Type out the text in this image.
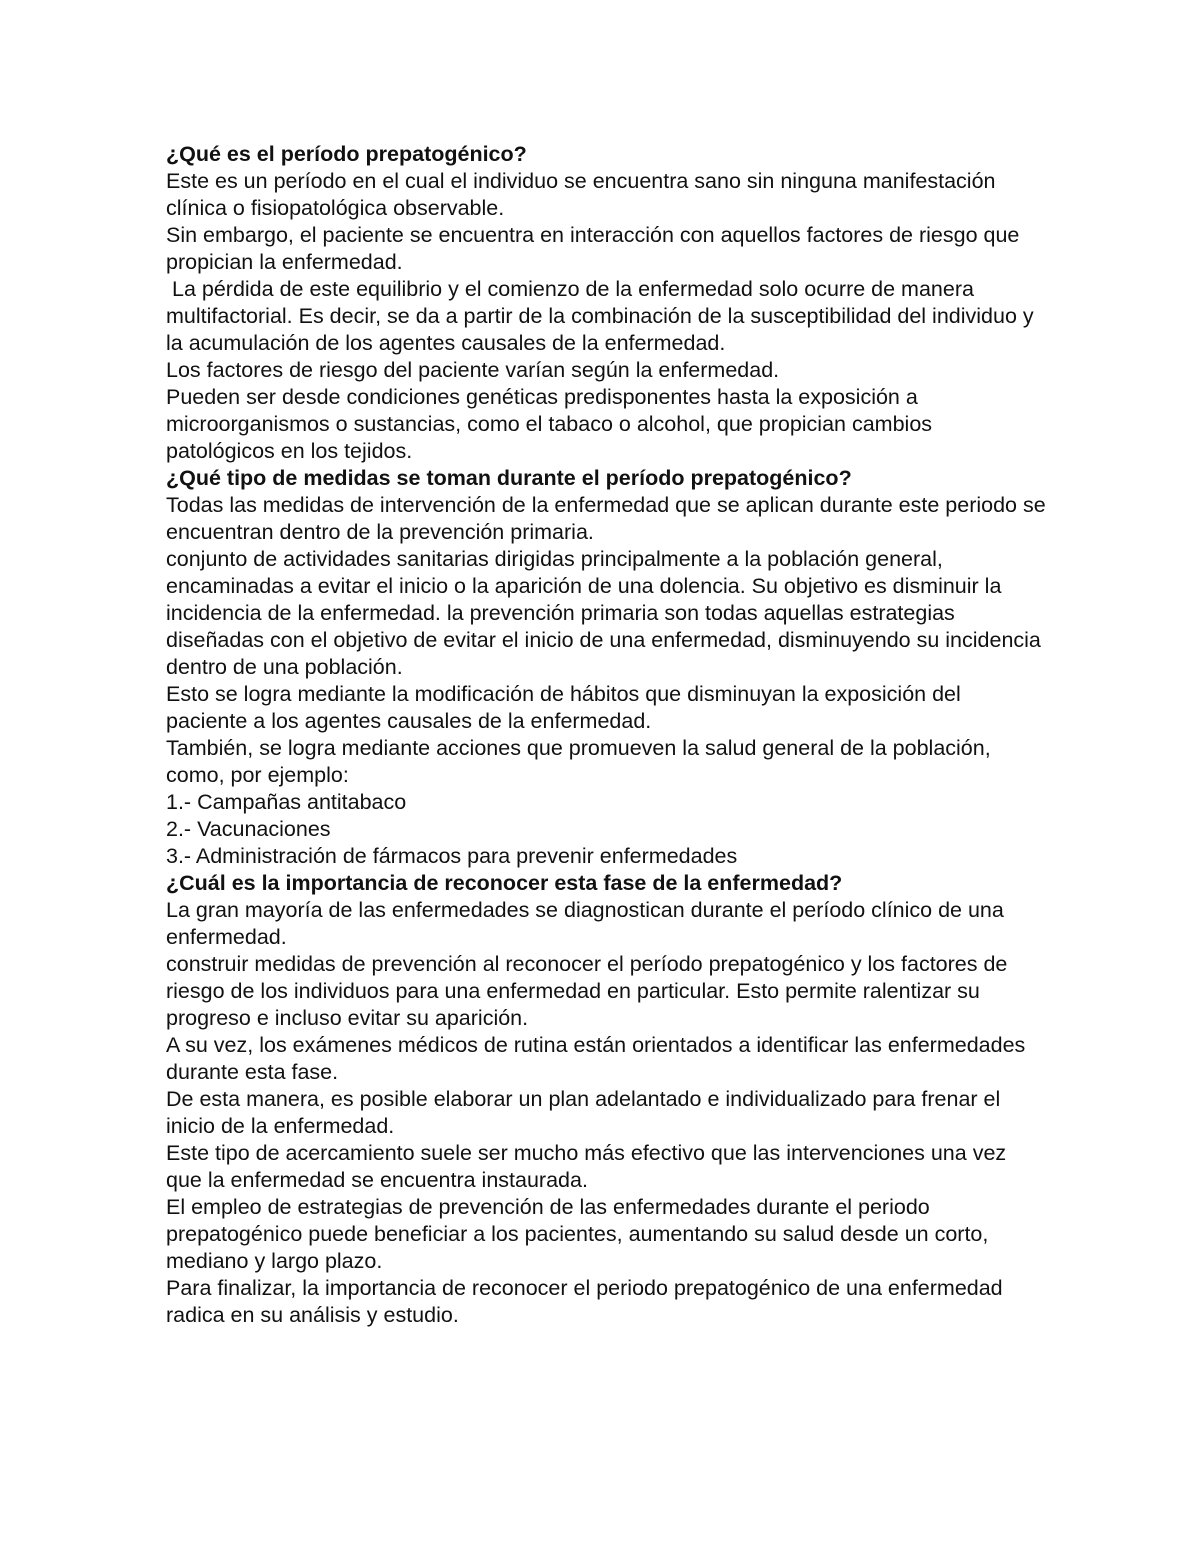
¿Qué es el período prepatogénico?

Este es un período en el cual el individuo se encuentra sano sin ninguna manifestación clínica o fisiopatológica observable.

Sin embargo, el paciente se encuentra en interacción con aquellos factores de riesgo que propician la enfermedad.

La pérdida de este equilibrio y el comienzo de la enfermedad solo ocurre de manera multifactorial. Es decir, se da a partir de la combinación de la susceptibilidad del individuo y la acumulación de los agentes causales de la enfermedad.

Los factores de riesgo del paciente varían según la enfermedad.

Pueden ser desde condiciones genéticas predisponentes hasta la exposición a microorganismos o sustancias, como el tabaco o alcohol, que propician cambios patológicos en los tejidos.

¿Qué tipo de medidas se toman durante el período prepatogénico?

Todas las medidas de intervención de la enfermedad que se aplican durante este periodo se encuentran dentro de la prevención primaria.

conjunto de actividades sanitarias dirigidas principalmente a la población general, encaminadas a evitar el inicio o la aparición de una dolencia. Su objetivo es disminuir la incidencia de la enfermedad. la prevención primaria son todas aquellas estrategias diseñadas con el objetivo de evitar el inicio de una enfermedad, disminuyendo su incidencia dentro de una población.

Esto se logra mediante la modificación de hábitos que disminuyan la exposición del paciente a los agentes causales de la enfermedad.

También, se logra mediante acciones que promueven la salud general de la población, como, por ejemplo:

1.- Campañas antitabaco

2.- Vacunaciones

3.- Administración de fármacos para prevenir enfermedades

¿Cuál es la importancia de reconocer esta fase de la enfermedad?

La gran mayoría de las enfermedades se diagnostican durante el período clínico de una enfermedad.

construir medidas de prevención al reconocer el período prepatogénico y los factores de riesgo de los individuos para una enfermedad en particular. Esto permite ralentizar su progreso e incluso evitar su aparición.

A su vez, los exámenes médicos de rutina están orientados a identificar las enfermedades durante esta fase.

De esta manera, es posible elaborar un plan adelantado e individualizado para frenar el inicio de la enfermedad.

Este tipo de acercamiento suele ser mucho más efectivo que las intervenciones una vez que la enfermedad se encuentra instaurada.

El empleo de estrategias de prevención de las enfermedades durante el periodo prepatogénico puede beneficiar a los pacientes, aumentando su salud desde un corto, mediano y largo plazo.

Para finalizar, la importancia de reconocer el periodo prepatogénico de una enfermedad radica en su análisis y estudio.
